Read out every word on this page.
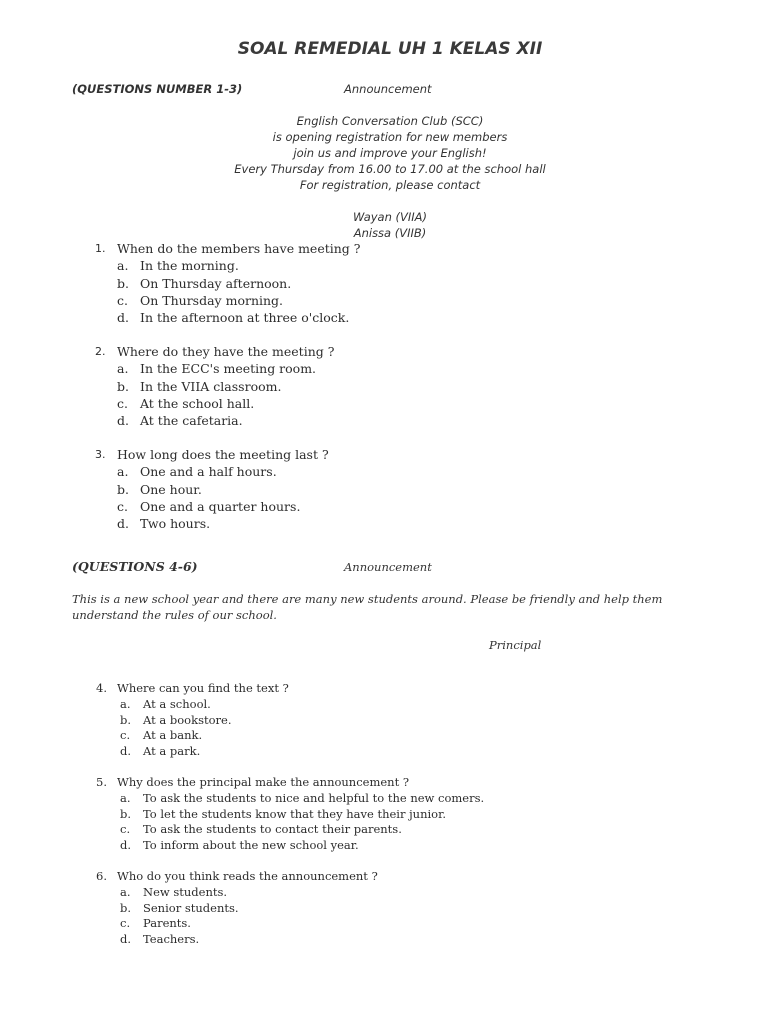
SOAL REMEDIAL UH 1 KELAS XII
(QUESTIONS NUMBER 1-3)	Announcement
English Conversation Club (SCC)
is opening registration for new members
join us and improve your English!
Every Thursday from 16.00 to 17.00 at the school hall
For registration, please contact
Wayan (VIIA)
Anissa (VIIB)
1. When do the members have meeting ?
a. In the morning.
b. On Thursday afternoon.
c. On Thursday morning.
d. In the afternoon at three o'clock.
2. Where do they have the meeting ?
a. In the ECC's meeting room.
b. In the VIIA classroom.
c. At the school hall.
d. At the cafetaria.
3. How long does the meeting last ?
a. One and a half hours.
b. One hour.
c. One and a quarter hours.
d. Two hours.
(QUESTIONS 4-6)	Announcement
This is a new school year and there are many new students around. Please be friendly and help them understand the rules of our school.
Principal
4. Where can you find the text ?
a. At a school.
b. At a bookstore.
c. At a bank.
d. At a park.
5. Why does the principal make the announcement ?
a. To ask the students to nice and helpful to the new comers.
b. To let the students know that they have their junior.
c. To ask the students to contact their parents.
d. To inform about the new school year.
6. Who do you think reads the announcement ?
a. New students.
b. Senior students.
c. Parents.
d. Teachers.
